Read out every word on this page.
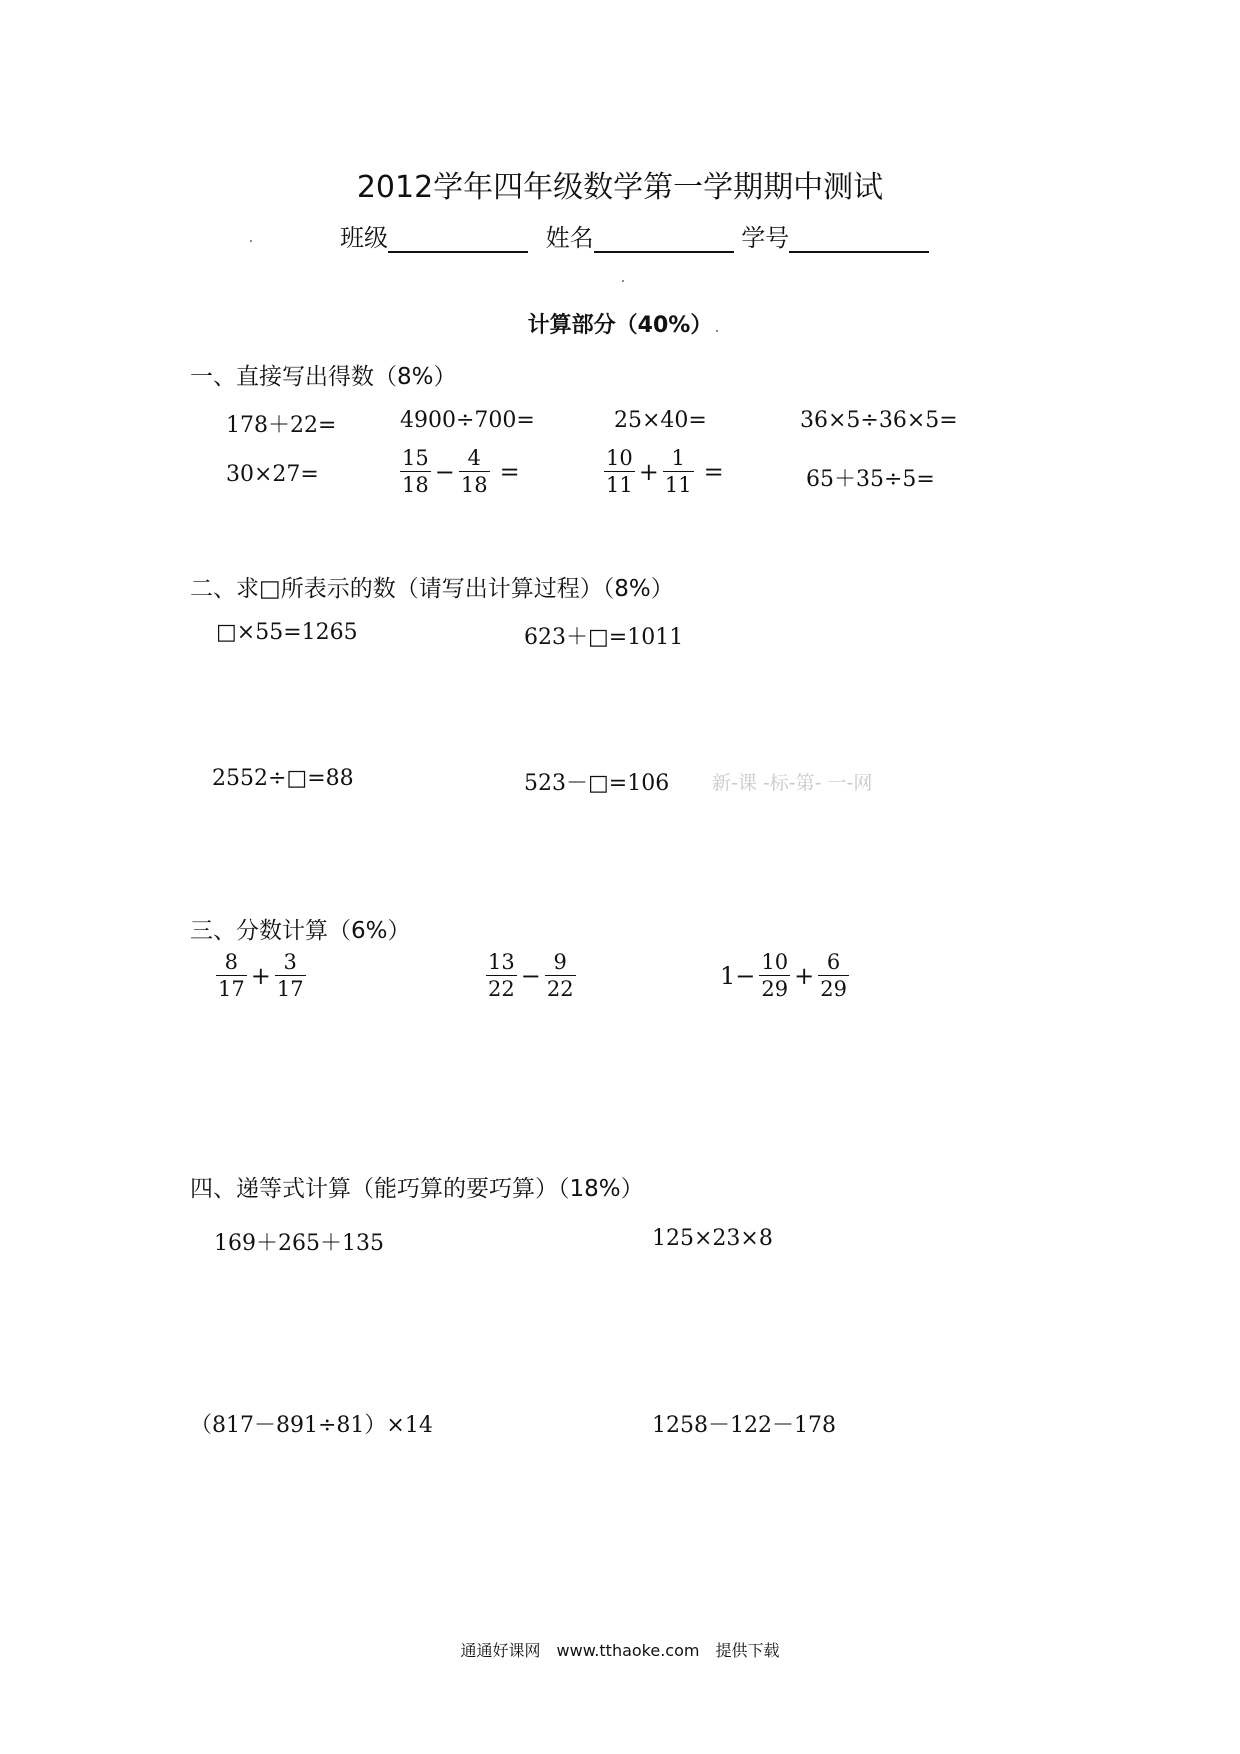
2012学年四年级数学第一学期期中测试
班级	姓名	学号
计算部分（40%）
一、直接写出得数（8%）
178＋22=	4900÷700=	25×40=	36×5÷36×5=
30×27=	$\frac{15}{18} - \frac{4}{18}$ =	$\frac{10}{11} + \frac{1}{11}$ =	65＋35÷5=
二、求□所表示的数（请写出计算过程）（8%）
□×55=1265	623＋□=1011
2552÷□=88	523－□=106 新-课 -标-第- 一-网
三、分数计算（6%）
$\frac{8}{17} + \frac{3}{17}$	$\frac{13}{22} - \frac{9}{22}$	$1- \frac{10}{29} + \frac{6}{29}$
四、递等式计算（能巧算的要巧算）（18%）
169＋265＋135	125×23×8
（817－891÷81）×14	1258－122－178
通通好课网　www.tthaoke.com　提供下载
